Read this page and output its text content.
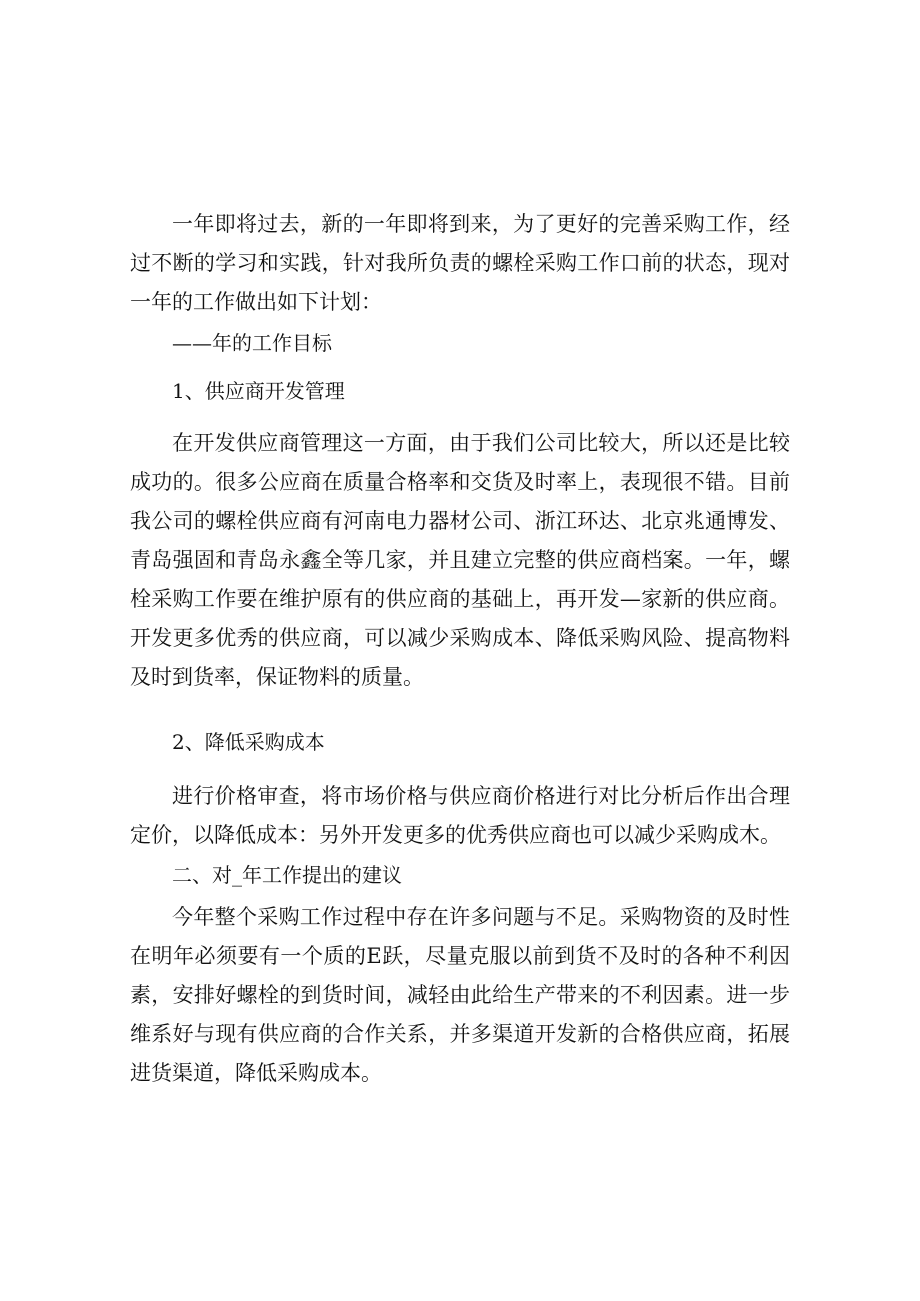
一年即将过去，新的一年即将到来，为了更好的完善采购工作，经过不断的学习和实践，针对我所负责的螺栓采购工作口前的状态，现对一年的工作做出如下计划：

——年的工作目标

1、供应商开发管理

在开发供应商管理这一方面，由于我们公司比较大，所以还是比较成功的。很多公应商在质量合格率和交货及时率上，表现很不错。目前我公司的螺栓供应商有河南电力器材公司、浙江环达、北京兆通博发、青岛强固和青岛永鑫全等几家，并且建立完整的供应商档案。一年，螺栓采购工作要在维护原有的供应商的基础上，再开发—家新的供应商。开发更多优秀的供应商，可以减少采购成本、降低采购风险、提高物料及时到货率，保证物料的质量。

2、降低采购成本

进行价格审查，将市场价格与供应商价格进行对比分析后作出合理定价，以降低成本：另外开发更多的优秀供应商也可以减少采购成木。

二、对_年工作提出的建议

今年整个采购工作过程中存在许多问题与不足。采购物资的及时性在明年必须要有一个质的E跃，尽量克服以前到货不及时的各种不利因素，安排好螺栓的到货时间，减轻由此给生产带来的不利因素。进一步维系好与现有供应商的合作关系，并多渠道开发新的合格供应商，拓展进货渠道，降低采购成本。
